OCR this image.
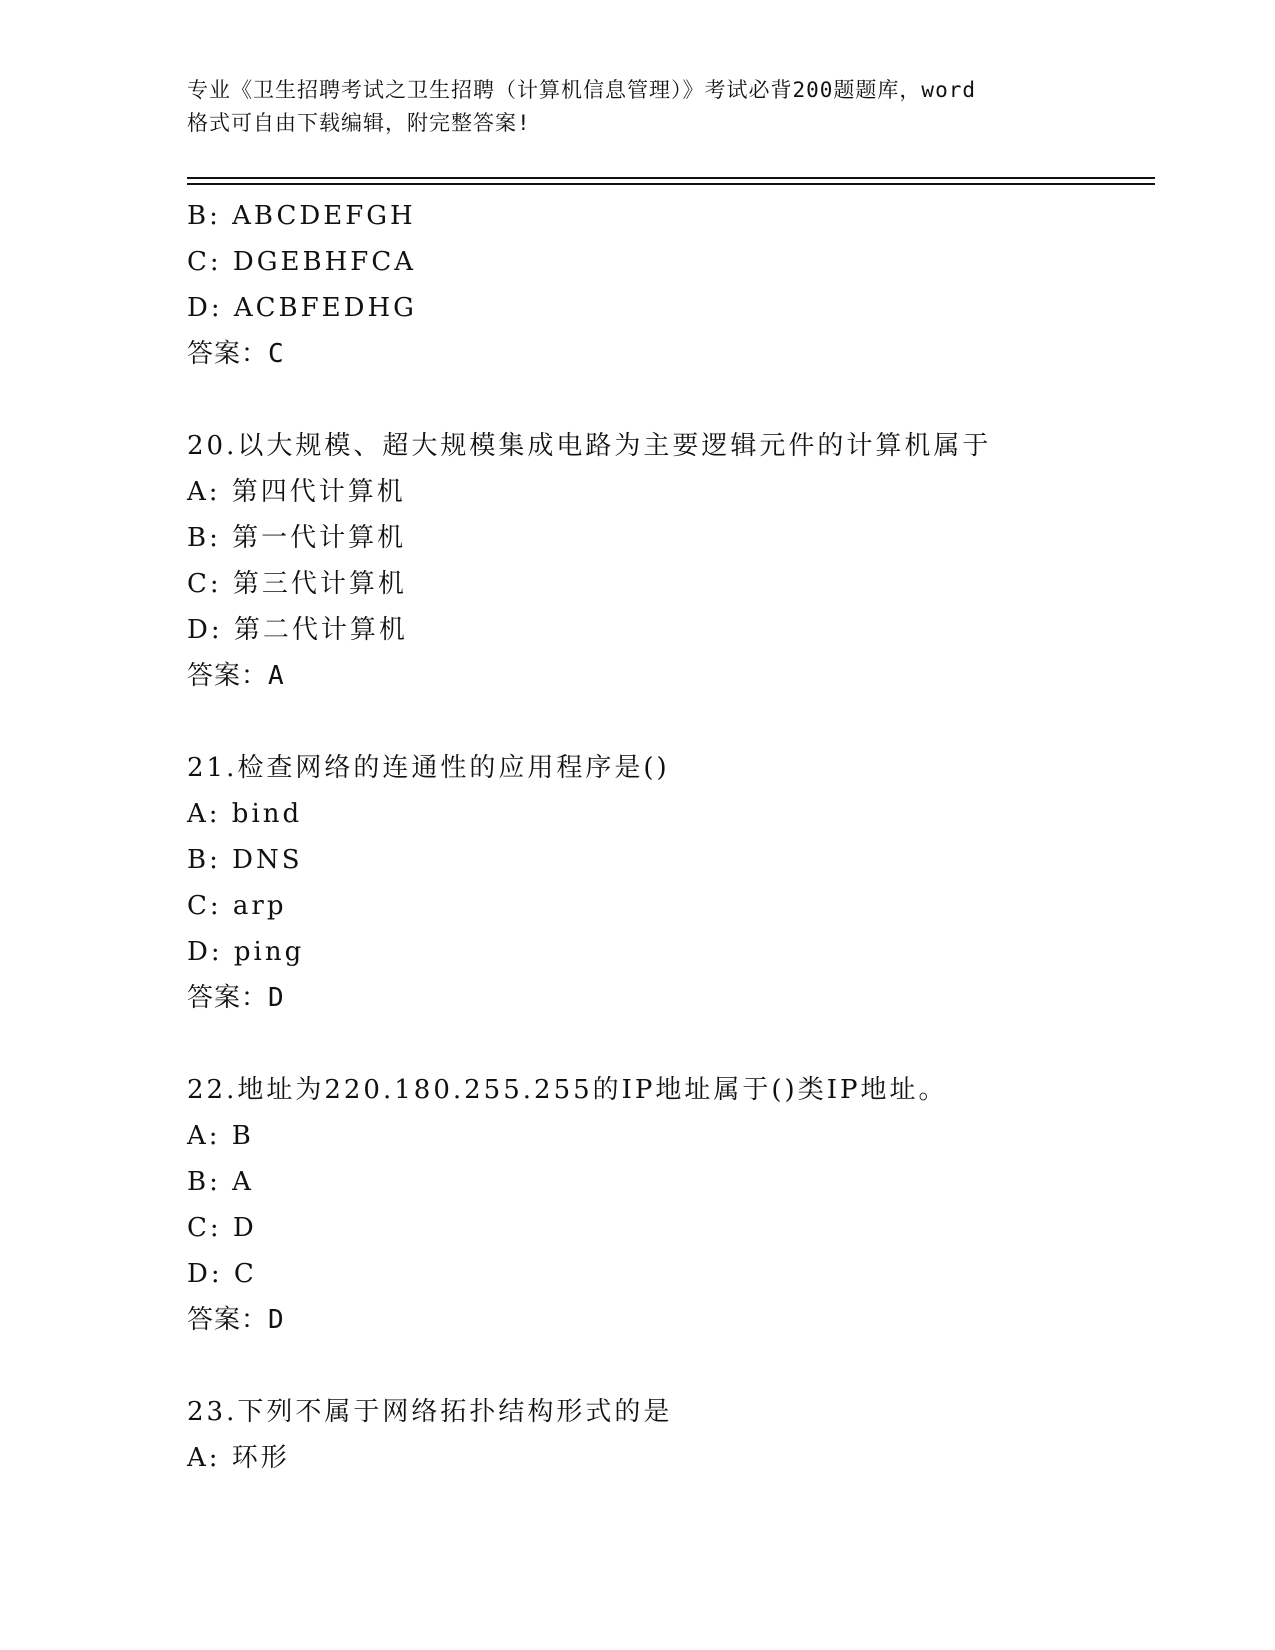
专业《卫生招聘考试之卫生招聘（计算机信息管理）》考试必背200题题库，word
格式可自由下载编辑，附完整答案!
B: ABCDEFGH
C: DGEBHFCA
D: ACBFEDHG
答案：C
20.以大规模、超大规模集成电路为主要逻辑元件的计算机属于
A: 第四代计算机
B: 第一代计算机
C: 第三代计算机
D: 第二代计算机
答案：A
21.检查网络的连通性的应用程序是()
A: bind
B: DNS
C: arp
D: ping
答案：D
22.地址为220.180.255.255的IP地址属于()类IP地址。
A: B
B: A
C: D
D: C
答案：D
23.下列不属于网络拓扑结构形式的是
A: 环形
